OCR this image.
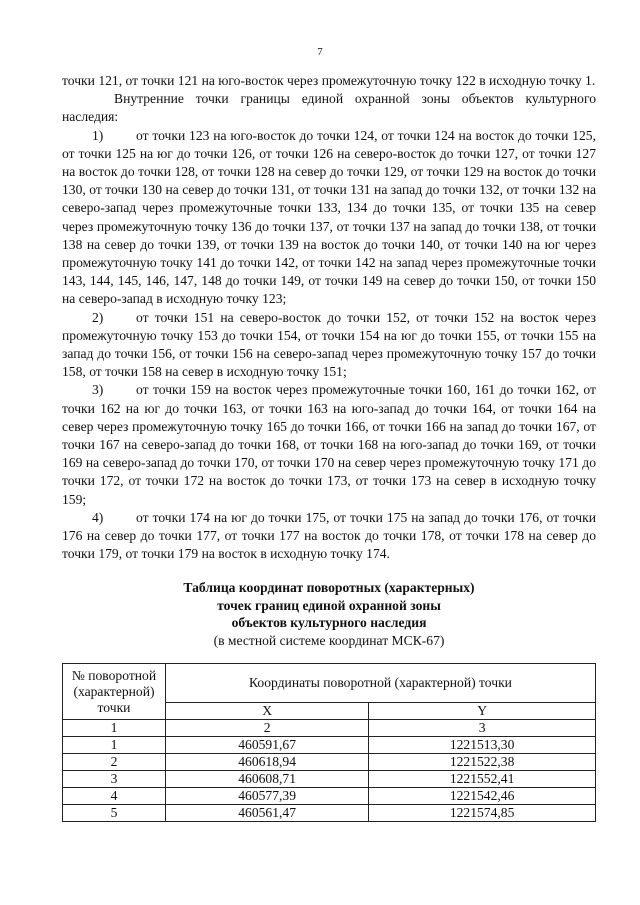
7

точки 121, от точки 121 на юго-восток через промежуточную точку 122 в исходную точку 1.

Внутренние точки границы единой охранной зоны объектов культурного наследия:

1) от точки 123 на юго-восток до точки 124, от точки 124 на восток до точки 125, от точки 125 на юг до точки 126, от точки 126 на северо-восток до точки 127, от точки 127 на восток до точки 128, от точки 128 на север до точки 129, от точки 129 на восток до точки 130, от точки 130 на север до точки 131, от точки 131 на запад до точки 132, от точки 132 на северо-запад через промежуточные точки 133, 134 до точки 135, от точки 135 на север через промежуточную точку 136 до точки 137, от точки 137 на запад до точки 138, от точки 138 на север до точки 139, от точки 139 на восток до точки 140, от точки 140 на юг через промежуточную точку 141 до точки 142, от точки 142 на запад через промежуточные точки 143, 144, 145, 146, 147, 148 до точки 149, от точки 149 на север до точки 150, от точки 150 на северо-запад в исходную точку 123;

2) от точки 151 на северо-восток до точки 152, от точки 152 на восток через промежуточную точку 153 до точки 154, от точки 154 на юг до точки 155, от точки 155 на запад до точки 156, от точки 156 на северо-запад через промежуточную точку 157 до точки 158, от точки 158 на север в исходную точку 151;

3) от точки 159 на восток через промежуточные точки 160, 161 до точки 162, от точки 162 на юг до точки 163, от точки 163 на юго-запад до точки 164, от точки 164 на север через промежуточную точку 165 до точки 166, от точки 166 на запад до точки 167, от точки 167 на северо-запад до точки 168, от точки 168 на юго-запад до точки 169, от точки 169 на северо-запад до точки 170, от точки 170 на север через промежуточную точку 171 до точки 172, от точки 172 на восток до точки 173, от точки 173 на север в исходную точку 159;

4) от точки 174 на юг до точки 175, от точки 175 на запад до точки 176, от точки 176 на север до точки 177, от точки 177 на восток до точки 178, от точки 178 на север до точки 179, от точки 179 на восток в исходную точку 174.

Таблица координат поворотных (характерных)
точек границ единой охранной зоны
объектов культурного наследия
(в местной системе координат МСК-67)
№ поворотной
(характерной)
точки	Координаты поворотной (характерной) точки	
	X	Y
1	2	3
1	460591,67	1221513,30
2	460618,94	1221522,38
3	460608,71	1221552,41
4	460577,39	1221542,46
5	460561,47	1221574,85
